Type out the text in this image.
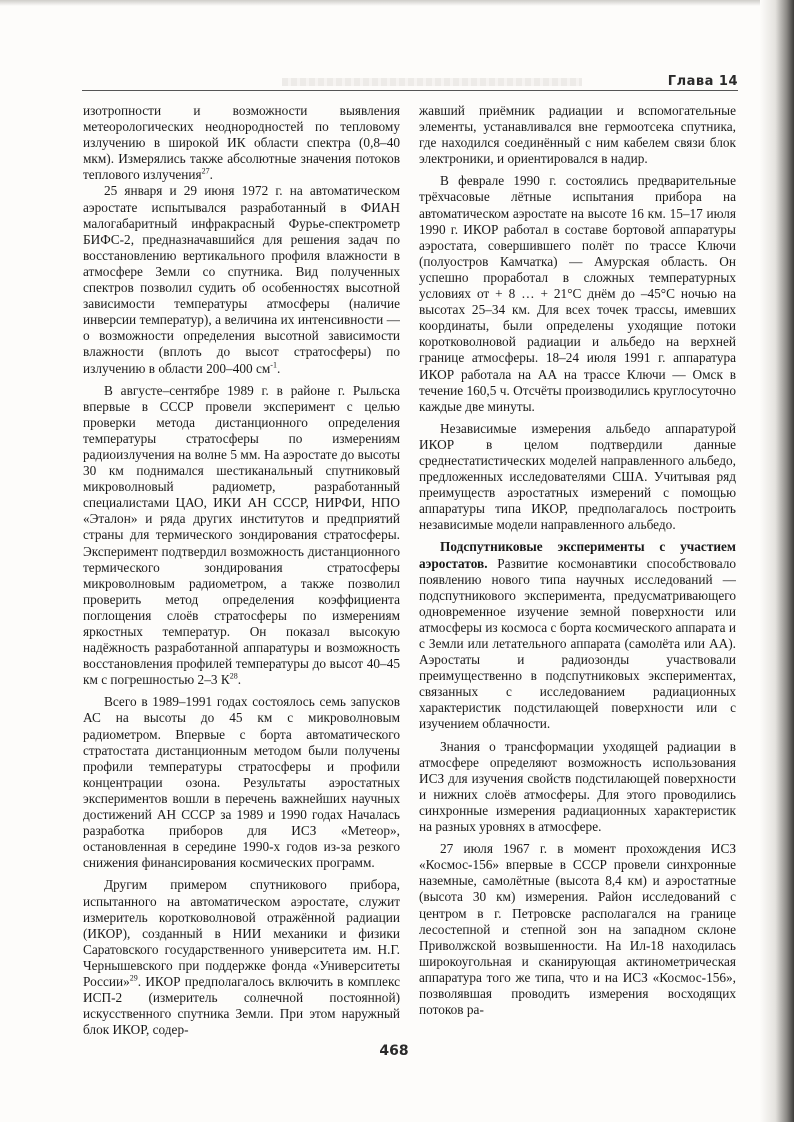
Глава 14

изотропности и возможности выявления метеорологических неоднородностей по тепловому излучению в широкой ИК области спектра (0,8–40 мкм). Измерялись также абсолютные значения потоков теплового излучения$^{27}$.

25 января и 29 июня 1972 г. на автоматическом аэростате испытывался разработанный в ФИАН малогабаритный инфракрасный Фурье-спектрометр БИФС-2, предназначавшийся для решения задач по восстановлению вертикального профиля влажности в атмосфере Земли со спутника. Вид полученных спектров позволил судить об особенностях высотной зависимости температуры атмосферы (наличие инверсии температур), а величина их интенсивности — о возможности определения высотной зависимости влажности (вплоть до высот стратосферы) по излучению в области 200–400 $см^{-1}$.

В августе–сентябре 1989 г. в районе г. Рыльска впервые в СССР провели эксперимент с целью проверки метода дистанционного определения температуры стратосферы по измерениям радиоизлучения на волне 5 мм. На аэростате до высоты 30 км поднимался шестиканальный спутниковый микроволновый радиометр, разработанный специалистами ЦАО, ИКИ АН СССР, НИРФИ, НПО «Эталон» и ряда других институтов и предприятий страны для термического зондирования стратосферы. Эксперимент подтвердил возможность дистанционного термического зондирования стратосферы микроволновым радиометром, а также позволил проверить метод определения коэффициента поглощения слоёв стратосферы по измерениям яркостных температур. Он показал высокую надёжность разработанной аппаратуры и возможность восстановления профилей температуры до высот 40–45 км с погрешностью 2–3 $К^{28}$.

Всего в 1989–1991 годах состоялось семь запусков АС на высоты до 45 км с микроволновым радиометром. Впервые с борта автоматического стратостата дистанционным методом были получены профили температуры стратосферы и профили концентрации озона. Результаты аэростатных экспериментов вошли в перечень важнейших научных достижений АН СССР за 1989 и 1990 годах Началась разработка приборов для ИСЗ «Метеор», остановленная в середине 1990-х годов из-за резкого снижения финансирования космических программ.

Другим примером спутникового прибора, испытанного на автоматическом аэростате, служит измеритель коротковолновой отражённой радиации (ИКОР), созданный в НИИ механики и физики Саратовского государственного университета им. Н.Г. Чернышевского при поддержке фонда «Университеты России»$^{29}$. ИКОР предполагалось включить в комплекс ИСП-2 (измеритель солнечной постоянной) искусственного спутника Земли. При этом наружный блок ИКОР, содер-

жавший приёмник радиации и вспомогательные элементы, устанавливался вне гермоотсека спутника, где находился соединённый с ним кабелем связи блок электроники, и ориентировался в надир.

В феврале 1990 г. состоялись предварительные трёхчасовые лётные испытания прибора на автоматическом аэростате на высоте 16 км. 15–17 июля 1990 г. ИКОР работал в составе бортовой аппаратуры аэростата, совершившего полёт по трассе Ключи (полуостров Камчатка) — Амурская область. Он успешно проработал в сложных температурных условиях от + 8 … + 21°С днём до –45°С ночью на высотах 25–34 км. Для всех точек трассы, имевших координаты, были определены уходящие потоки коротковолновой радиации и альбедо на верхней границе атмосферы. 18–24 июля 1991 г. аппаратура ИКОР работала на АА на трассе Ключи — Омск в течение 160,5 ч. Отсчёты производились круглосуточно каждые две минуты.

Независимые измерения альбедо аппаратурой ИКОР в целом подтвердили данные среднестатистических моделей направленного альбедо, предложенных исследователями США. Учитывая ряд преимуществ аэростатных измерений с помощью аппаратуры типа ИКОР, предполагалось построить независимые модели направленного альбедо.

Подспутниковые эксперименты с участием аэростатов. Развитие космонавтики способствовало появлению нового типа научных исследований — подспутникового эксперимента, предусматривающего одновременное изучение земной поверхности или атмосферы из космоса с борта космического аппарата и с Земли или летательного аппарата (самолёта или АА). Аэростаты и радиозонды участвовали преимущественно в подспутниковых экспериментах, связанных с исследованием радиационных характеристик подстилающей поверхности или с изучением облачности.

Знания о трансформации уходящей радиации в атмосфере определяют возможность использования ИСЗ для изучения свойств подстилающей поверхности и нижних слоёв атмосферы. Для этого проводились синхронные измерения радиационных характеристик на разных уровнях в атмосфере.

27 июля 1967 г. в момент прохождения ИСЗ «Космос-156» впервые в СССР провели синхронные наземные, самолётные (высота 8,4 км) и аэростатные (высота 30 км) измерения. Район исследований с центром в г. Петровске располагался на границе лесостепной и степной зон на западном склоне Приволжской возвышенности. На Ил-18 находилась широкоугольная и сканирующая актинометрическая аппаратура того же типа, что и на ИСЗ «Космос-156», позволявшая проводить измерения восходящих потоков ра-

468
